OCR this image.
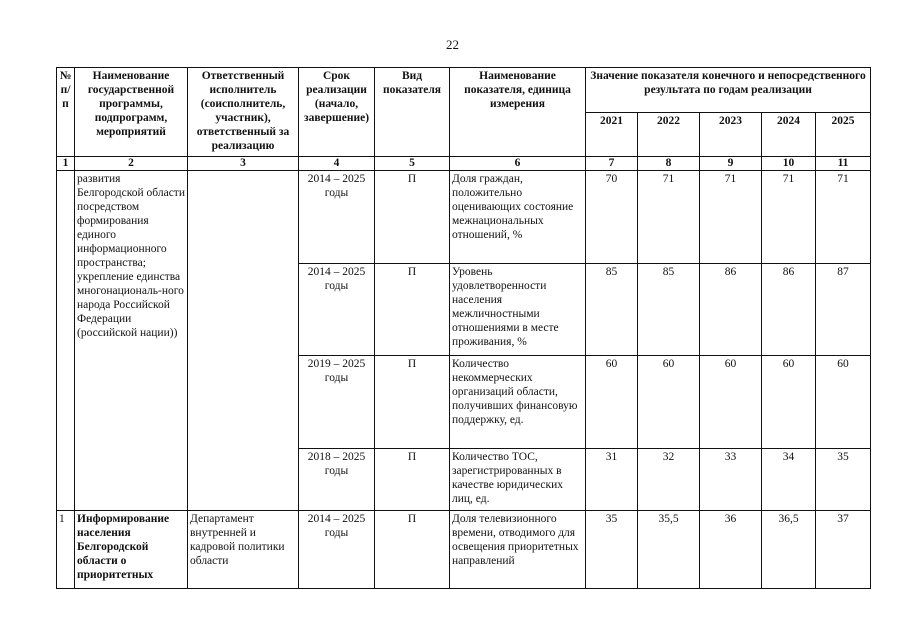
22
№ п/п	Наименование государственной программы, подпрограмм, мероприятий	Ответственный исполнитель (соисполнитель, участник), ответственный за реализацию	Срок реализации (начало, завершение)	Вид показателя	Наименование показателя, единица измерения	Значение показателя конечного и непосредственного результата по годам реализации				
						2021	2022	2023	2024	2025
1	2	3	4	5	6	7	8	9	10	11
	развития Белгородской области посредством формирования единого информационного пространства; укрепление единства многонациональ-ного народа Российской Федерации (российской нации))		2014 – 2025 годы	П	Доля граждан, положительно оценивающих состояние межнациональных отношений, %	70	71	71	71	71
			2014 – 2025 годы	П	Уровень удовлетворенности населения межличностными отношениями в месте проживания, %	85	85	86	86	87
			2019 – 2025 годы	П	Количество некоммерческих организаций области, получивших финансовую поддержку, ед.	60	60	60	60	60
			2018 – 2025 годы	П	Количество ТОС, зарегистрированных в качестве юридических лиц, ед.	31	32	33	34	35
1	Информирование населения Белгородской области о приоритетных	Департамент внутренней и кадровой политики области	2014 – 2025 годы	П	Доля телевизионного времени, отводимого для освещения приоритетных направлений	35	35,5	36	36,5	37
